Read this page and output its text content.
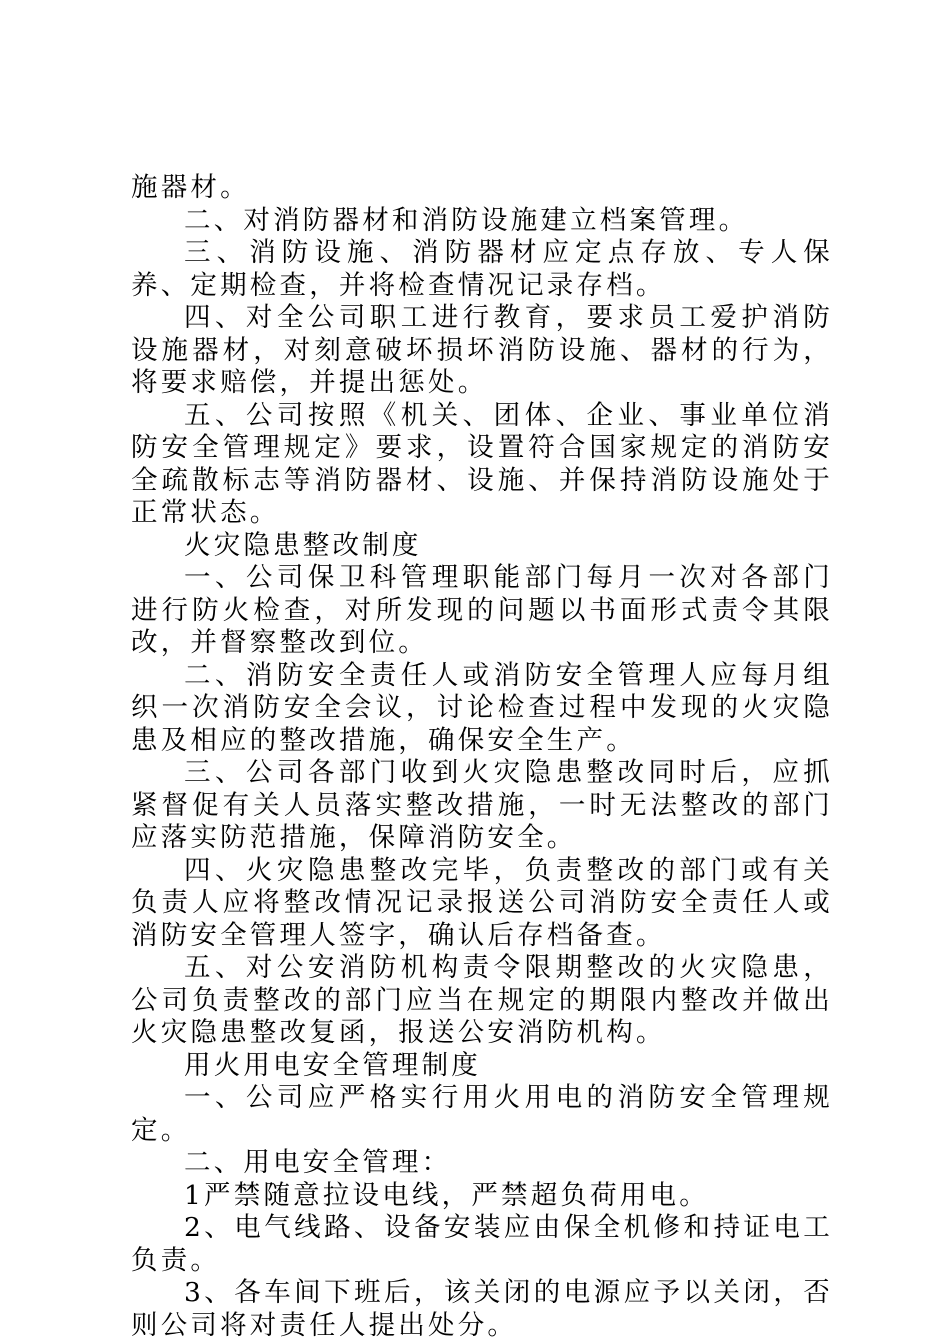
施器材。

二、对消防器材和消防设施建立档案管理。

三、消防设施、消防器材应定点存放、专人保养、定期检查，并将检查情况记录存档。

四、对全公司职工进行教育，要求员工爱护消防设施器材，对刻意破坏损坏消防设施、器材的行为，将要求赔偿，并提出惩处。

五、公司按照《机关、团体、企业、事业单位消防安全管理规定》要求，设置符合国家规定的消防安全疏散标志等消防器材、设施、并保持消防设施处于正常状态。

火灾隐患整改制度

一、公司保卫科管理职能部门每月一次对各部门进行防火检查，对所发现的问题以书面形式责令其限改，并督察整改到位。

二、消防安全责任人或消防安全管理人应每月组织一次消防安全会议，讨论检查过程中发现的火灾隐患及相应的整改措施，确保安全生产。

三、公司各部门收到火灾隐患整改同时后，应抓紧督促有关人员落实整改措施，一时无法整改的部门应落实防范措施，保障消防安全。

四、火灾隐患整改完毕，负责整改的部门或有关负责人应将整改情况记录报送公司消防安全责任人或消防安全管理人签字，确认后存档备查。

五、对公安消防机构责令限期整改的火灾隐患，公司负责整改的部门应当在规定的期限内整改并做出火灾隐患整改复函，报送公安消防机构。

用火用电安全管理制度

一、公司应严格实行用火用电的消防安全管理规定。

二、用电安全管理：

1严禁随意拉设电线，严禁超负荷用电。

2、电气线路、设备安装应由保全机修和持证电工负责。

3、各车间下班后，该关闭的电源应予以关闭，否则公司将对责任人提出处分。
